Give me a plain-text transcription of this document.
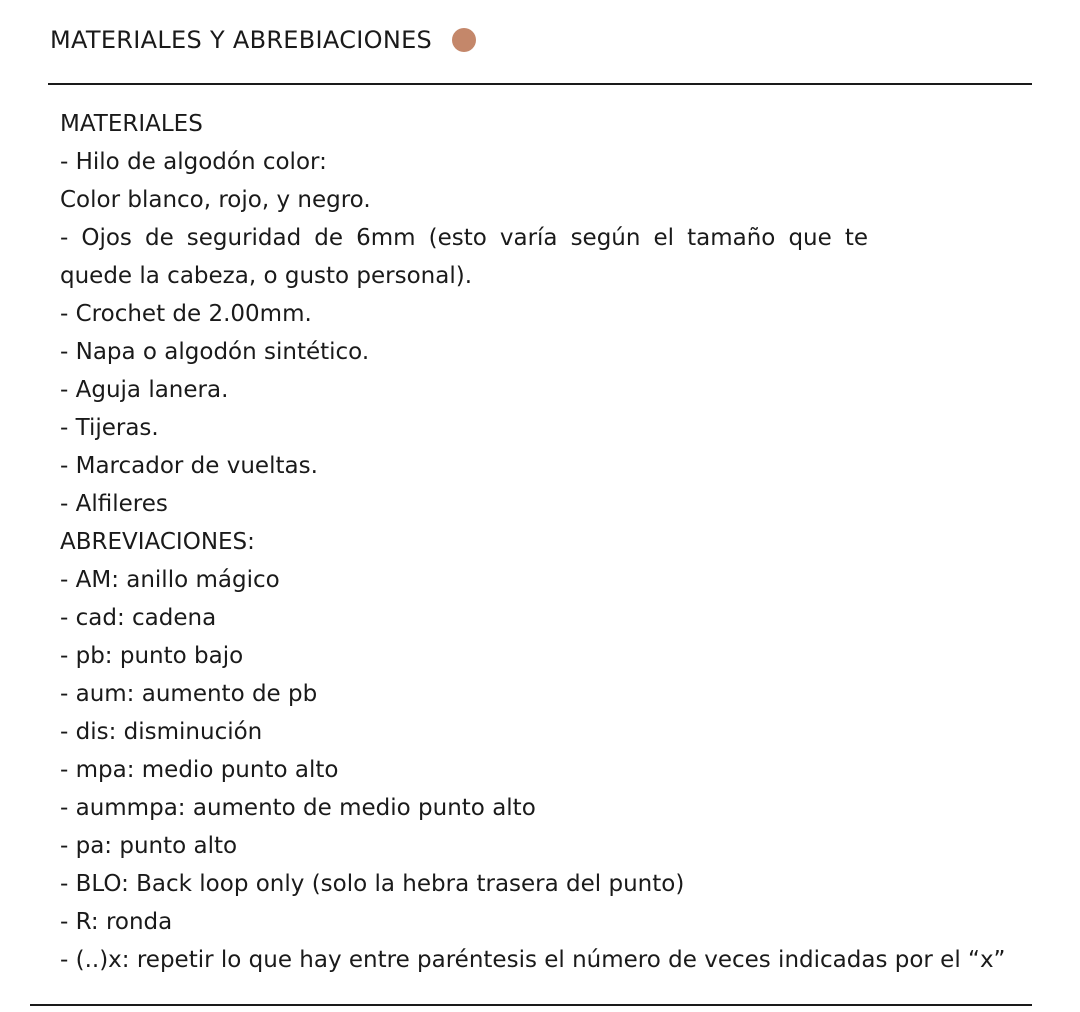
MATERIALES Y ABREBIACIONES
MATERIALES
- Hilo de algodón color:
Color blanco, rojo, y negro.
- Ojos de seguridad de 6mm (esto varía según el tamaño que te
quede la cabeza, o gusto personal).
- Crochet de 2.00mm.
- Napa o algodón sintético.
- Aguja lanera.
- Tijeras.
- Marcador de vueltas.
- Alfileres
ABREVIACIONES:
- AM: anillo mágico
- cad: cadena
- pb: punto bajo
- aum: aumento de pb
- dis: disminución
- mpa: medio punto alto
- aummpa: aumento de medio punto alto
- pa: punto alto
- BLO: Back loop only (solo la hebra trasera del punto)
- R: ronda
- (..)x: repetir lo que hay entre paréntesis el número de veces indicadas por el “x”
